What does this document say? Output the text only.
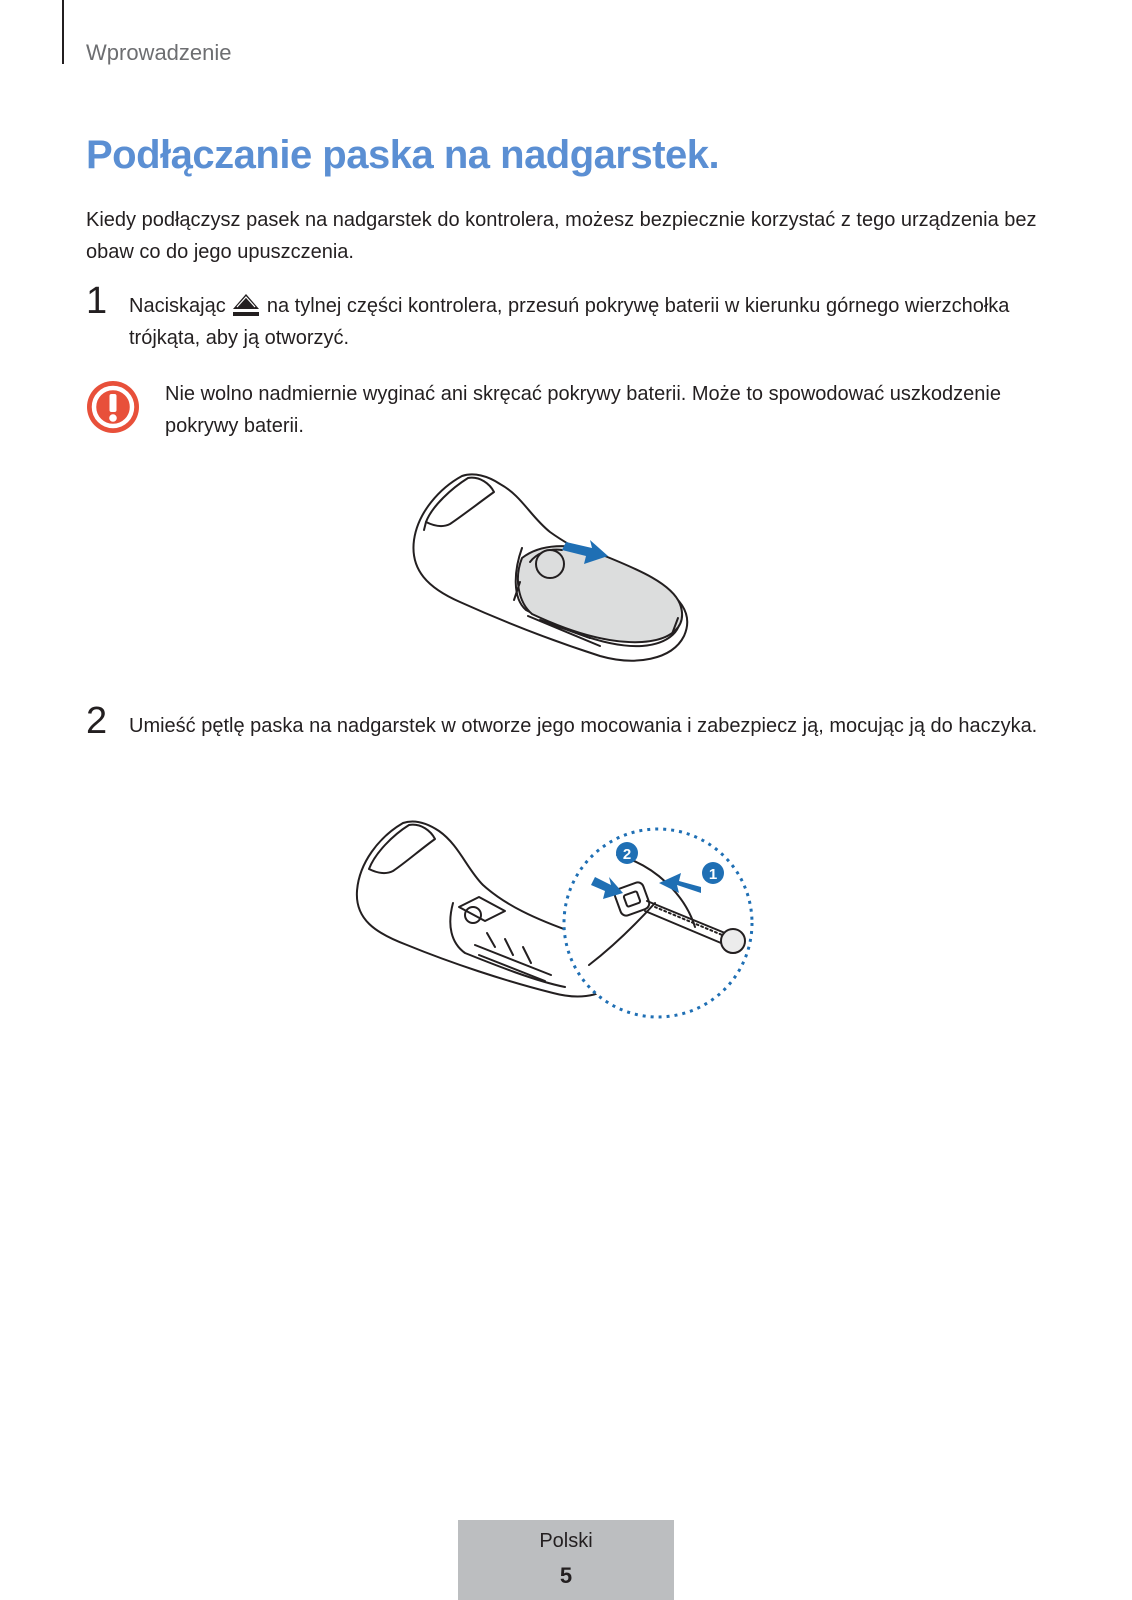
Wprowadzenie
Podłączanie paska na nadgarstek.

Kiedy podłączysz pasek na nadgarstek do kontrolera, możesz bezpiecznie korzystać z tego urządzenia bez obaw co do jego upuszczenia.

1 Naciskając na tylnej części kontrolera, przesuń pokrywę baterii w kierunku górnego wierzchołka trójkąta, aby ją otworzyć.

Nie wolno nadmiernie wyginać ani skręcać pokrywy baterii. Może to spowodować uszkodzenie pokrywy baterii.

2 Umieść pętlę paska na nadgarstek w otworze jego mocowania i zabezpiecz ją, mocując ją do haczyka.

2
1
Polski
5
